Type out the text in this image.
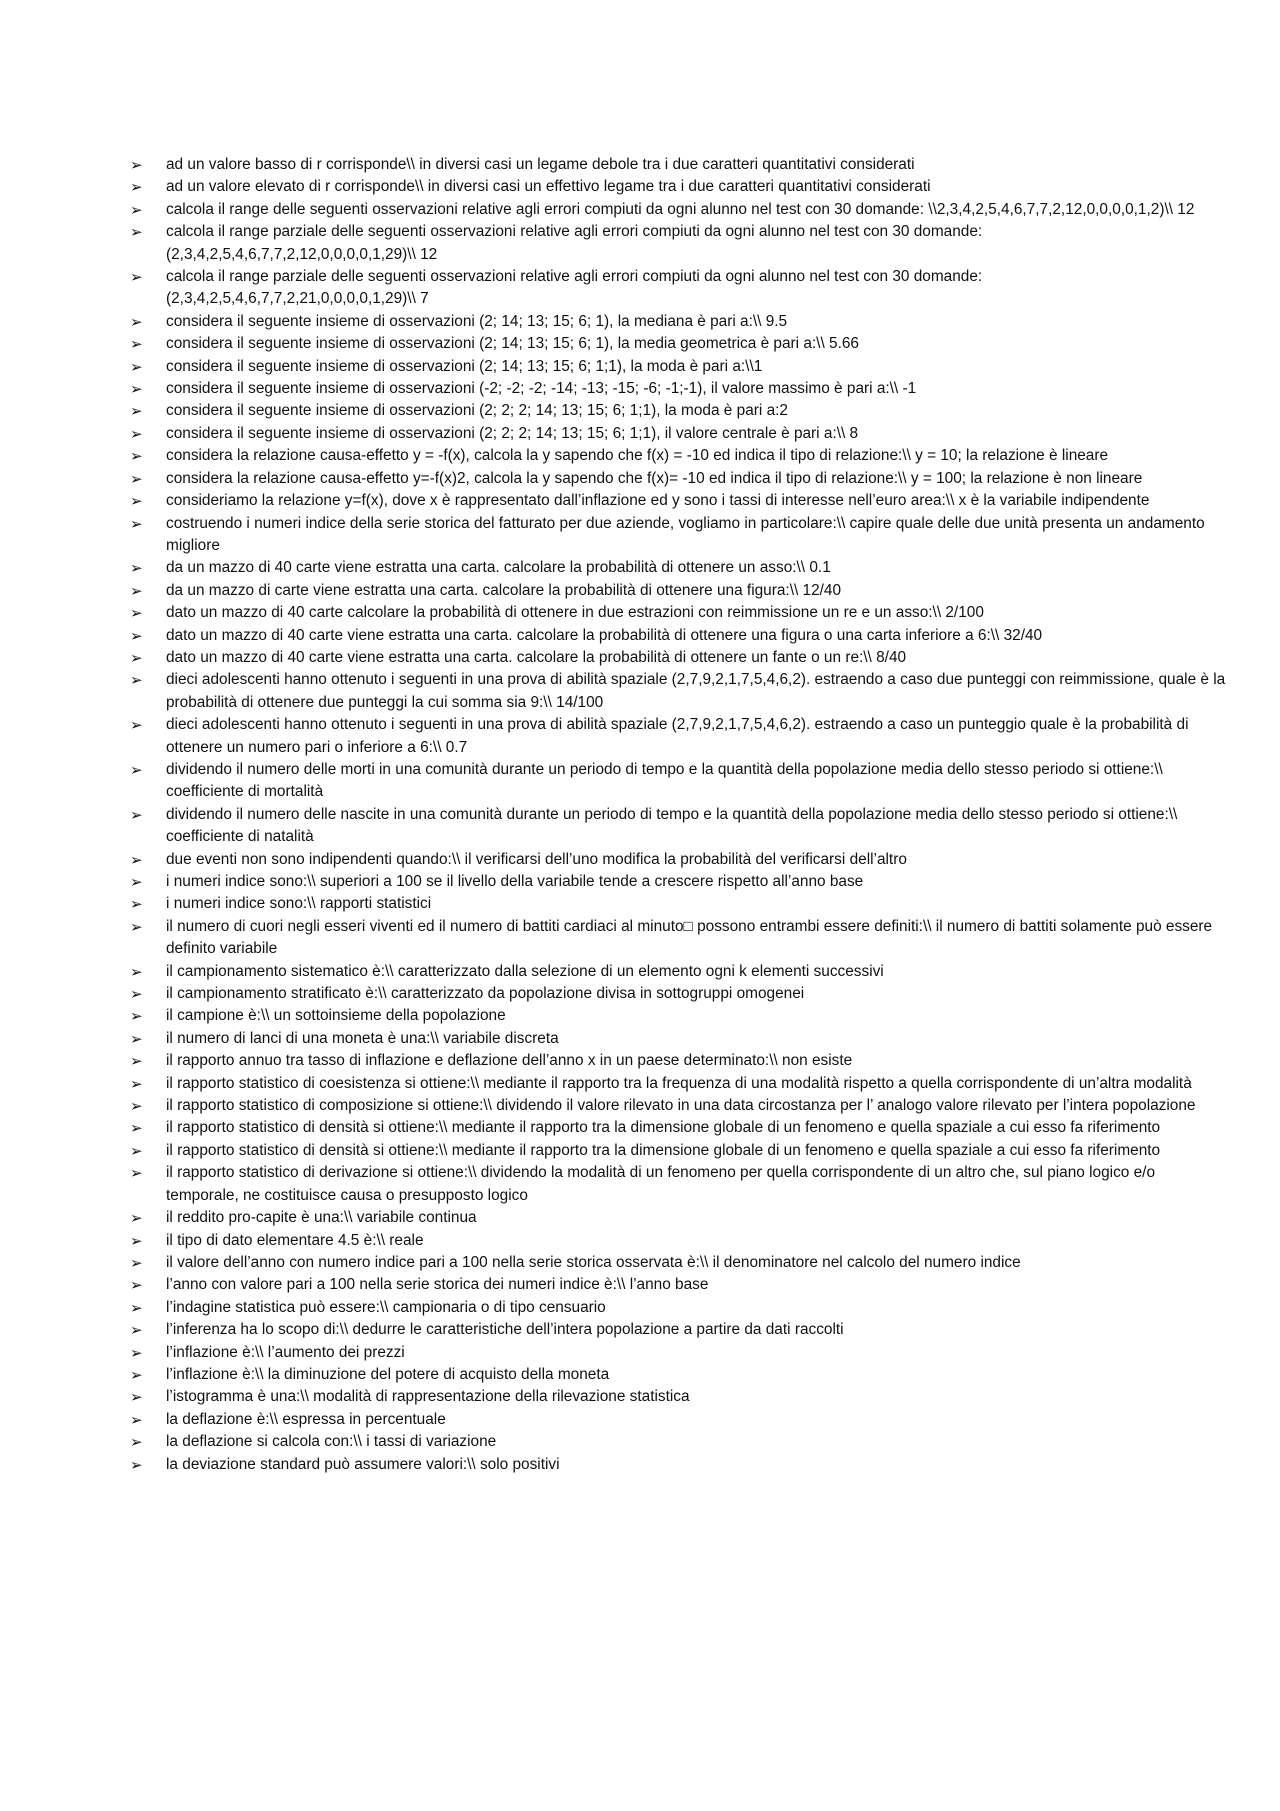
➢	ad un valore basso di r corrisponde\\ in diversi casi un legame debole tra i due caratteri quantitativi considerati
➢	ad un valore elevato di r corrisponde\\ in diversi casi un effettivo legame tra i due caratteri quantitativi considerati
➢	calcola il range delle seguenti osservazioni relative agli errori compiuti da ogni alunno nel test con 30 domande: \\2,3,4,2,5,4,6,7,7,2,12,0,0,0,0,1,2)\\ 12
➢	calcola il range parziale delle seguenti osservazioni relative agli errori compiuti da ogni alunno nel test con 30 domande: (2,3,4,2,5,4,6,7,7,2,12,0,0,0,0,1,29)\\ 12
➢	calcola il range parziale delle seguenti osservazioni relative agli errori compiuti da ogni alunno nel test con 30 domande: (2,3,4,2,5,4,6,7,7,2,21,0,0,0,0,1,29)\\ 7
➢	considera il seguente insieme di osservazioni (2; 14; 13; 15; 6; 1), la mediana è pari a:\\ 9.5
➢	considera il seguente insieme di osservazioni (2; 14; 13; 15; 6; 1), la media geometrica è pari a:\\ 5.66
➢	considera il seguente insieme di osservazioni (2; 14; 13; 15; 6; 1;1), la moda è pari a:\\1
➢	considera il seguente insieme di osservazioni (-2; -2; -2; -14; -13; -15; -6; -1;-1), il valore massimo è pari a:\\ -1
➢	considera il seguente insieme di osservazioni (2; 2; 2; 14; 13; 15; 6; 1;1), la moda è pari a:2
➢	considera il seguente insieme di osservazioni (2; 2; 2; 14; 13; 15; 6; 1;1), il valore centrale è pari a:\\ 8
➢	considera la relazione causa-effetto y = -f(x), calcola la y sapendo che f(x) = -10 ed indica il tipo di relazione:\\ y = 10; la relazione è lineare
➢	considera la relazione causa-effetto y=-f(x)2, calcola la y sapendo che f(x)= -10 ed indica il tipo di relazione:\\ y = 100; la relazione è non lineare
➢	consideriamo la relazione y=f(x), dove x è rappresentato dall’inflazione ed y sono i tassi di interesse nell’euro area:\\ x è la variabile indipendente
➢	costruendo i numeri indice della serie storica del fatturato per due aziende, vogliamo in particolare:\\ capire quale delle due unità presenta un andamento migliore
➢	da un mazzo di 40 carte viene estratta una carta. calcolare la probabilità di ottenere un asso:\\ 0.1
➢	da un mazzo di carte viene estratta una carta. calcolare la probabilità di ottenere una figura:\\ 12/40
➢	dato un mazzo di 40 carte calcolare la probabilità di ottenere in due estrazioni con reimmissione un re e un asso:\\ 2/100
➢	dato un mazzo di 40 carte viene estratta una carta. calcolare la probabilità di ottenere una figura o una carta inferiore a 6:\\ 32/40
➢	dato un mazzo di 40 carte viene estratta una carta. calcolare la probabilità di ottenere un fante o un re:\\ 8/40
➢	dieci adolescenti hanno ottenuto i seguenti in una prova di abilità spaziale (2,7,9,2,1,7,5,4,6,2). estraendo a caso due punteggi con reimmissione, quale è la probabilità di ottenere due punteggi la cui somma sia 9:\\ 14/100
➢	dieci adolescenti hanno ottenuto i seguenti in una prova di abilità spaziale (2,7,9,2,1,7,5,4,6,2). estraendo a caso un punteggio quale è la probabilità di ottenere un numero pari o inferiore a 6:\\ 0.7
➢	dividendo il numero delle morti in una comunità durante un periodo di tempo e la quantità della popolazione media dello stesso periodo si ottiene:\\ coefficiente di mortalità
➢	dividendo il numero delle nascite in una comunità durante un periodo di tempo e la quantità della popolazione media dello stesso periodo si ottiene:\\ coefficiente di natalità
➢	due eventi non sono indipendenti quando:\\ il verificarsi dell’uno modifica la probabilità del verificarsi dell’altro
➢	i numeri indice sono:\\ superiori a 100 se il livello della variabile tende a crescere rispetto all’anno base
➢	i numeri indice sono:\\ rapporti statistici
➢	il numero di cuori negli esseri viventi ed il numero di battiti cardiaci al minuto□ possono entrambi essere definiti:\\ il numero di battiti solamente può essere definito variabile
➢	il campionamento sistematico è:\\ caratterizzato dalla selezione di un elemento ogni k elementi successivi
➢	il campionamento stratificato è:\\ caratterizzato da popolazione divisa in sottogruppi omogenei
➢	il campione è:\\ un sottoinsieme della popolazione
➢	il numero di lanci di una moneta è una:\\ variabile discreta
➢	il rapporto annuo tra tasso di inflazione e deflazione dell’anno x in un paese determinato:\\ non esiste
➢	il rapporto statistico di coesistenza si ottiene:\\ mediante il rapporto tra la frequenza di una modalità rispetto a quella corrispondente di un’altra modalità
➢	il rapporto statistico di composizione si ottiene:\\ dividendo il valore rilevato in una data circostanza per l’ analogo valore rilevato per l’intera popolazione
➢	il rapporto statistico di densità si ottiene:\\ mediante il rapporto tra la dimensione globale di un fenomeno e quella spaziale a cui esso fa riferimento
➢	il rapporto statistico di densità si ottiene:\\ mediante il rapporto tra la dimensione globale di un fenomeno e quella spaziale a cui esso fa riferimento
➢	il rapporto statistico di derivazione si ottiene:\\ dividendo la modalità di un fenomeno per quella corrispondente di un altro che, sul piano logico e/o temporale, ne costituisce causa o presupposto logico
➢	il reddito pro-capite è una:\\ variabile continua
➢	il tipo di dato elementare 4.5 è:\\ reale
➢	il valore dell’anno con numero indice pari a 100 nella serie storica osservata è:\\ il denominatore nel calcolo del numero indice
➢	l’anno con valore pari a 100 nella serie storica dei numeri indice è:\\ l’anno base
➢	l’indagine statistica può essere:\\ campionaria o di tipo censuario
➢	l’inferenza ha lo scopo di:\\ dedurre le caratteristiche dell’intera popolazione a partire da dati raccolti
➢	l’inflazione è:\\ l’aumento dei prezzi
➢	l’inflazione è:\\ la diminuzione del potere di acquisto della moneta
➢	l’istogramma è una:\\ modalità di rappresentazione della rilevazione statistica
➢	la deflazione è:\\ espressa in percentuale
➢	la deflazione si calcola con:\\ i tassi di variazione
➢	la deviazione standard può assumere valori:\\ solo positivi
